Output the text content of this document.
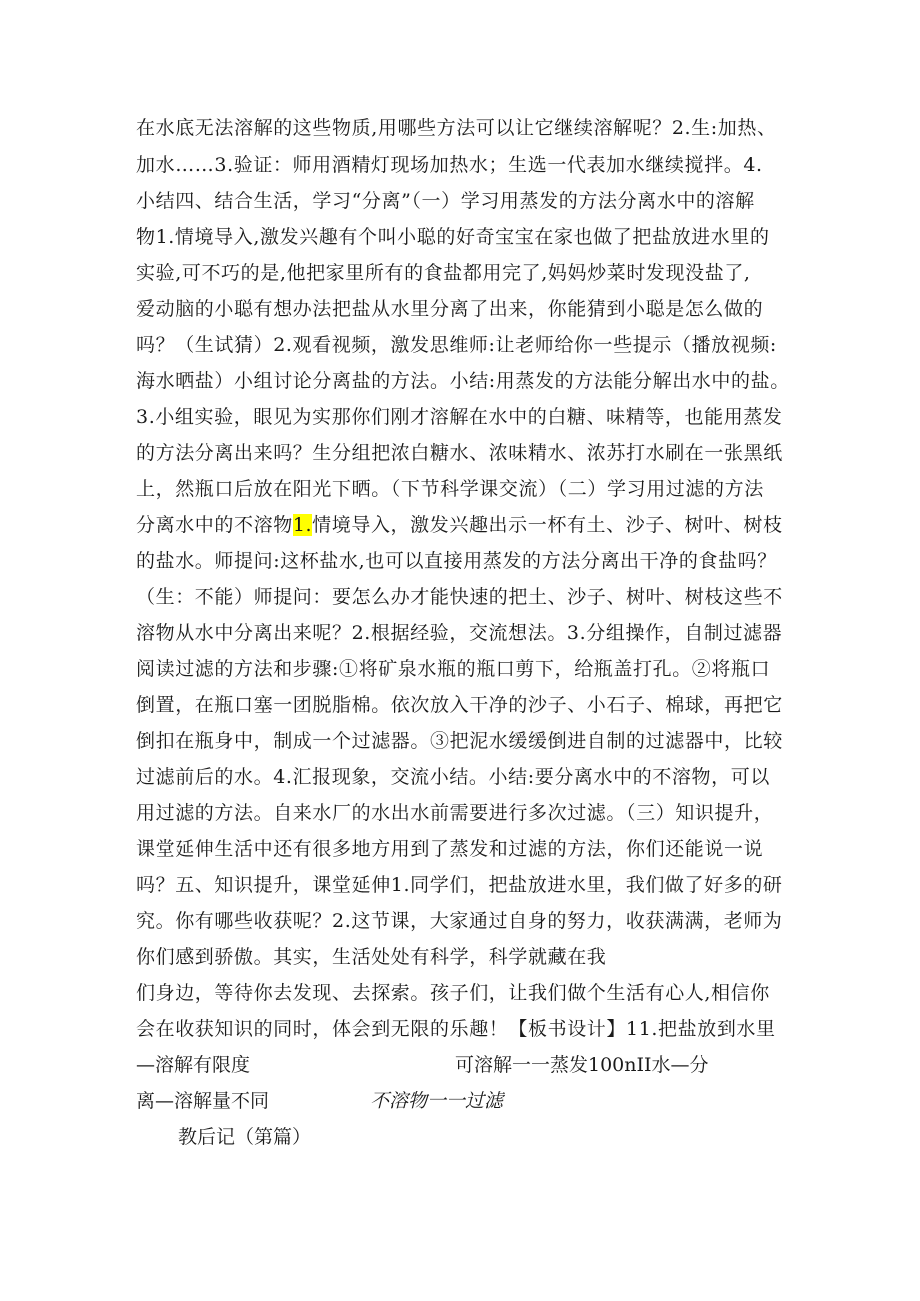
在水底无法溶解的这些物质,用哪些方法可以让它继续溶解呢？2.生:加热、
加水……3.验证：师用酒精灯现场加热水；生选一代表加水继续搅拌。4.
小结四、结合生活，学习“分离”（一）学习用蒸发的方法分离水中的溶解
物1.情境导入,激发兴趣有个叫小聪的好奇宝宝在家也做了把盐放进水里的
实验,可不巧的是,他把家里所有的食盐都用完了,妈妈炒菜时发现没盐了,
爱动脑的小聪有想办法把盐从水里分离了出来，你能猜到小聪是怎么做的
吗？（生试猜）2.观看视频，激发思维师:让老师给你一些提示（播放视频:
海水晒盐）小组讨论分离盐的方法。小结:用蒸发的方法能分解出水中的盐。
3.小组实验，眼见为实那你们刚才溶解在水中的白糖、味精等，也能用蒸发
的方法分离出来吗？生分组把浓白糖水、浓味精水、浓苏打水刷在一张黑纸
上，然瓶口后放在阳光下晒。（下节科学课交流）（二）学习用过滤的方法
分离水中的不溶物1.情境导入，激发兴趣出示一杯有土、沙子、树叶、树枝
的盐水。师提问:这杯盐水,也可以直接用蒸发的方法分离出干净的食盐吗？
（生：不能）师提问：要怎么办才能快速的把土、沙子、树叶、树枝这些不
溶物从水中分离出来呢？2.根据经验，交流想法。3.分组操作，自制过滤器
阅读过滤的方法和步骤:①将矿泉水瓶的瓶口剪下，给瓶盖打孔。②将瓶口
倒置，在瓶口塞一团脱脂棉。依次放入干净的沙子、小石子、棉球，再把它
倒扣在瓶身中，制成一个过滤器。③把泥水缓缓倒进自制的过滤器中，比较
过滤前后的水。4.汇报现象，交流小结。小结:要分离水中的不溶物，可以
用过滤的方法。自来水厂的水出水前需要进行多次过滤。（三）知识提升，
课堂延伸生活中还有很多地方用到了蒸发和过滤的方法，你们还能说一说
吗？五、知识提升，课堂延伸1.同学们，把盐放进水里，我们做了好多的研
究。你有哪些收获呢？2.这节课，大家通过自身的努力，收获满满，老师为
你们感到骄傲。其实，生活处处有科学，科学就藏在我
们身边，等待你去发现、去探索。孩子们，让我们做个生活有心人,相信你
会在收获知识的同时，体会到无限的乐趣！【板书设计】11.把盐放到水里
—溶解有限度	可溶解一一蒸发100nII水—分
离—溶解量不同	不溶物一一过滤
教后记（第篇）
